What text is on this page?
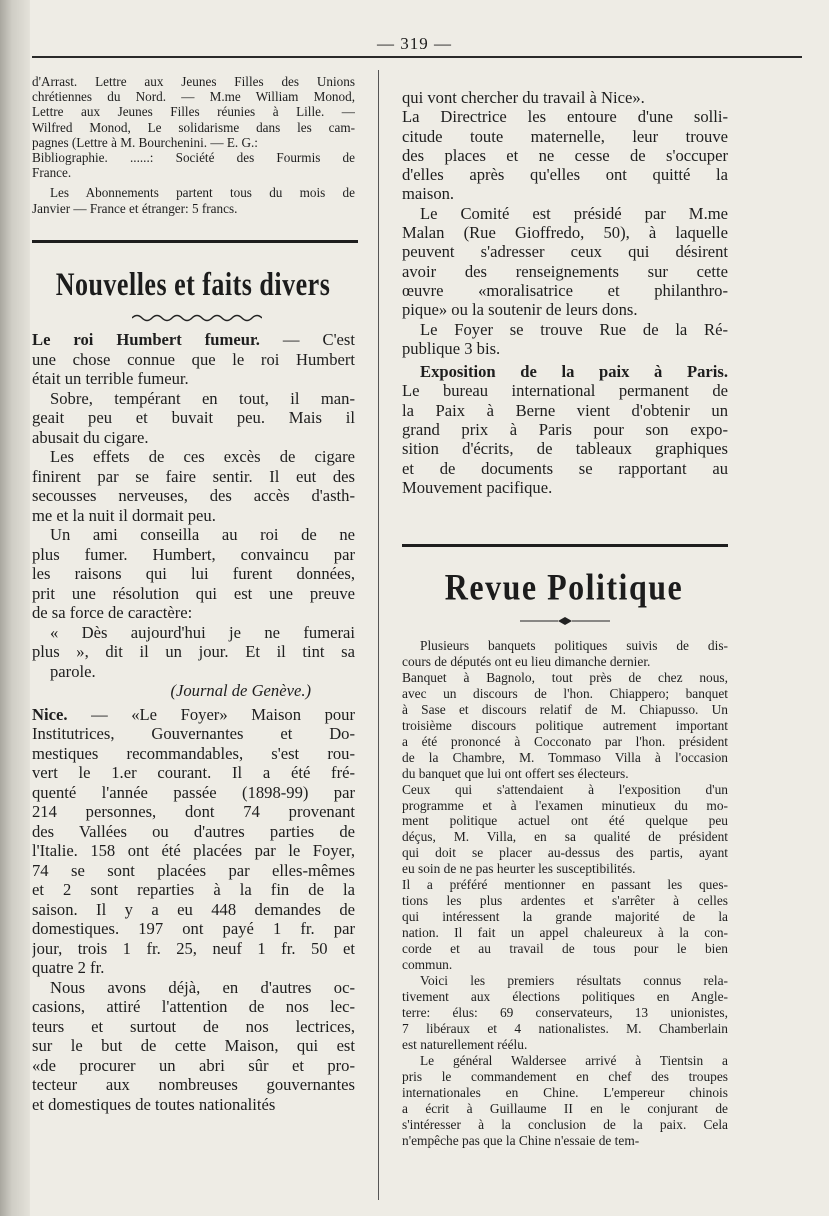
— 319 —
d'Arrast. Lettre aux Jeunes Filles des Unions
chrétiennes du Nord. — M.me William Monod,
Lettre aux Jeunes Filles réunies à Lille. —
Wilfred Monod, Le solidarisme dans les cam-
pagnes (Lettre à M. Bourchenini. — E. G.:
Bibliographie. ......: Société des Fourmis de
France.
Les Abonnements partent tous du mois de
Janvier — France et étranger: 5 francs.
Nouvelles et faits divers
Le roi Humbert fumeur. — C'est
une chose connue que le roi Humbert
était un terrible fumeur.
Sobre, tempérant en tout, il man-
geait peu et buvait peu. Mais il
abusait du cigare.
Les effets de ces excès de cigare
finirent par se faire sentir. Il eut des
secousses nerveuses, des accès d'asth-
me et la nuit il dormait peu.
Un ami conseilla au roi de ne
plus fumer. Humbert, convaincu par
les raisons qui lui furent données,
prit une résolution qui est une preuve
de sa force de caractère:
« Dès aujourd'hui je ne fumerai
plus », dit il un jour. Et il tint sa
parole.
(Journal de Genève.)
Nice. — «Le Foyer» Maison pour
Institutrices, Gouvernantes et Do-
mestiques recommandables, s'est rou-
vert le 1.er courant. Il a été fré-
quenté l'année passée (1898-99) par
214 personnes, dont 74 provenant
des Vallées ou d'autres parties de
l'Italie. 158 ont été placées par le Foyer,
74 se sont placées par elles-mêmes
et 2 sont reparties à la fin de la
saison. Il y a eu 448 demandes de
domestiques. 197 ont payé 1 fr. par
jour, trois 1 fr. 25, neuf 1 fr. 50 et
quatre 2 fr.
Nous avons déjà, en d'autres oc-
casions, attiré l'attention de nos lec-
teurs et surtout de nos lectrices,
sur le but de cette Maison, qui est
«de procurer un abri sûr et pro-
tecteur aux nombreuses gouvernantes
et domestiques de toutes nationalités
qui vont chercher du travail à Nice».
La Directrice les entoure d'une solli-
citude toute maternelle, leur trouve
des places et ne cesse de s'occuper
d'elles après qu'elles ont quitté la
maison.
Le Comité est présidé par M.me
Malan (Rue Gioffredo, 50), à laquelle
peuvent s'adresser ceux qui désirent
avoir des renseignements sur cette
œuvre «moralisatrice et philanthro-
pique» ou la soutenir de leurs dons.
Le Foyer se trouve Rue de la Ré-
publique 3 bis.
Exposition de la paix à Paris.
Le bureau international permanent de
la Paix à Berne vient d'obtenir un
grand prix à Paris pour son expo-
sition d'écrits, de tableaux graphiques
et de documents se rapportant au
Mouvement pacifique.
Revue Politique
Plusieurs banquets politiques suivis de dis-
cours de députés ont eu lieu dimanche dernier.
Banquet à Bagnolo, tout près de chez nous,
avec un discours de l'hon. Chiappero; banquet
à Sase et discours relatif de M. Chiapusso. Un
troisième discours politique autrement important
a été prononcé à Cocconato par l'hon. président
de la Chambre, M. Tommaso Villa à l'occasion
du banquet que lui ont offert ses électeurs.
Ceux qui s'attendaient à l'exposition d'un
programme et à l'examen minutieux du mo-
ment politique actuel ont été quelque peu
déçus, M. Villa, en sa qualité de président
qui doit se placer au-dessus des partis, ayant
eu soin de ne pas heurter les susceptibilités.
Il a préféré mentionner en passant les ques-
tions les plus ardentes et s'arrêter à celles
qui intéressent la grande majorité de la
nation. Il fait un appel chaleureux à la con-
corde et au travail de tous pour le bien
commun.
Voici les premiers résultats connus rela-
tivement aux élections politiques en Angle-
terre: élus: 69 conservateurs, 13 unionistes,
7 libéraux et 4 nationalistes. M. Chamberlain
est naturellement réélu.
Le général Waldersee arrivé à Tientsin a
pris le commandement en chef des troupes
internationales en Chine. L'empereur chinois
a écrit à Guillaume II en le conjurant de
s'intéresser à la conclusion de la paix. Cela
n'empêche pas que la Chine n'essaie de tem-
